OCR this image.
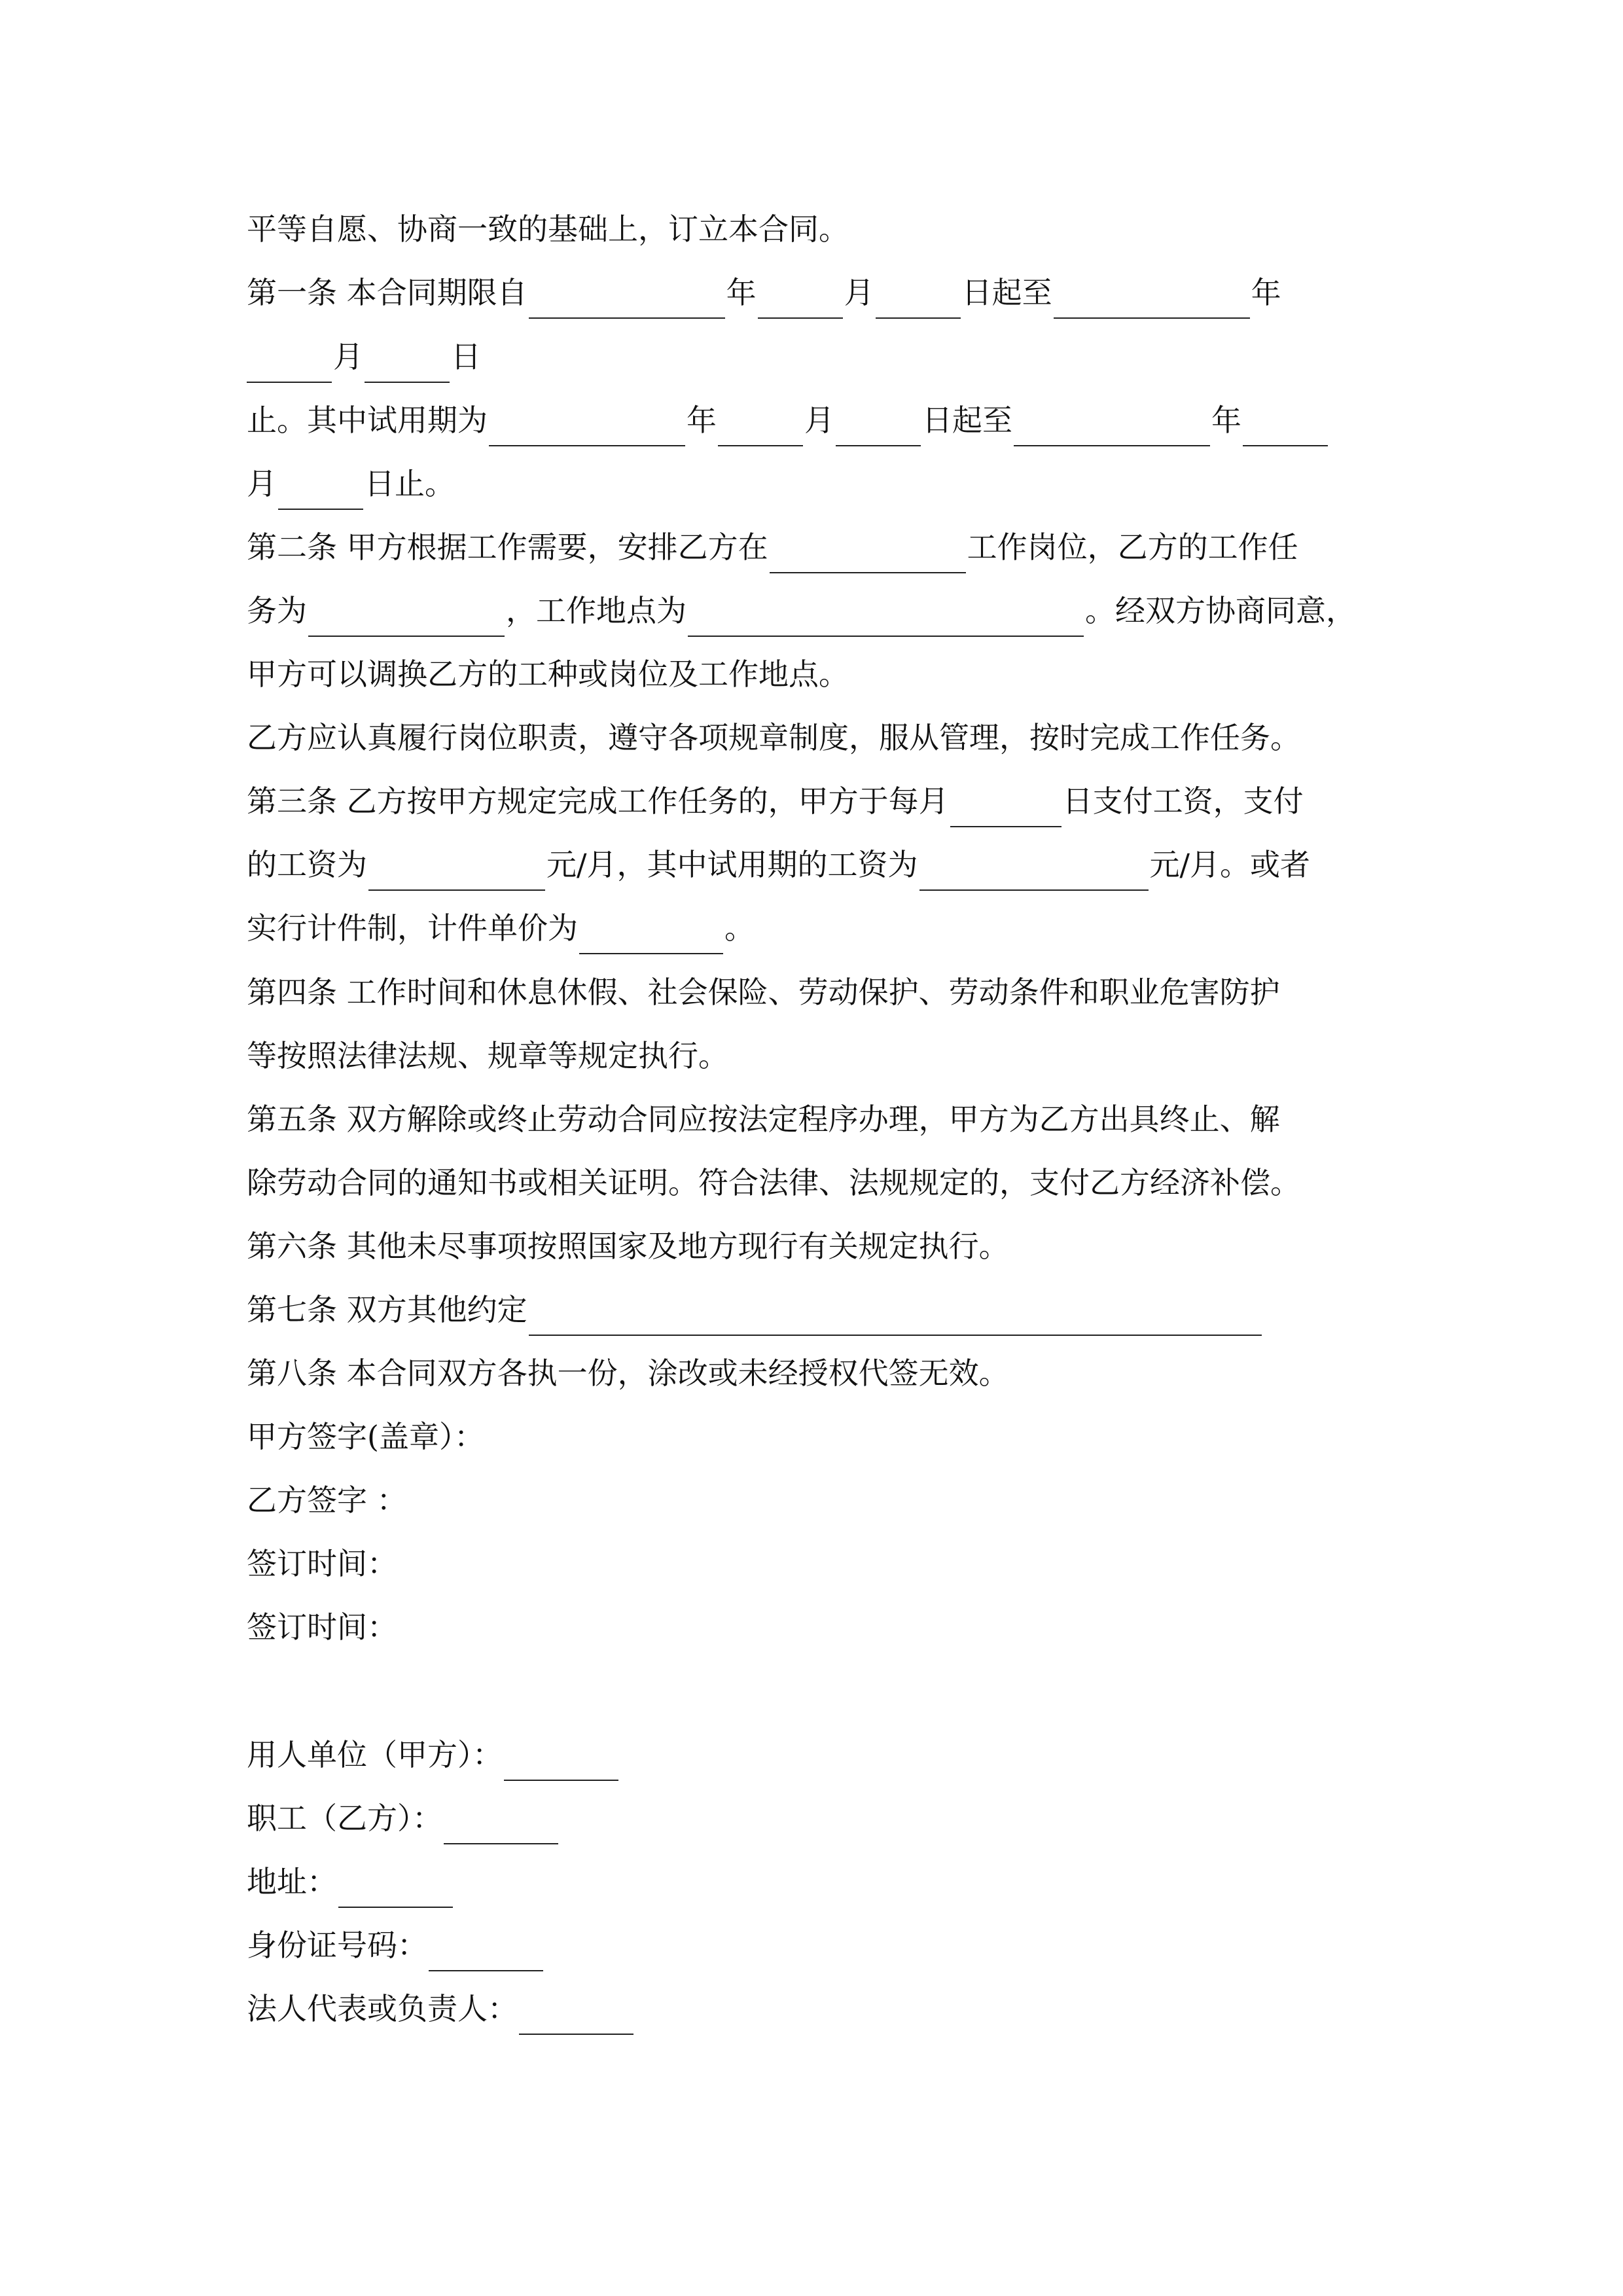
平等自愿、协商一致的基础上，订立本合同。
第一条 本合同期限自	年	月	日起至	年
月	日
止。其中试用期为	年	月	日起至	年
月	日止。
第二条 甲方根据工作需要，安排乙方在	工作岗位，乙方的工作任
务为	，工作地点为	。经双方协商同意，
甲方可以调换乙方的工种或岗位及工作地点。
乙方应认真履行岗位职责，遵守各项规章制度，服从管理，按时完成工作任务。
第三条 乙方按甲方规定完成工作任务的，甲方于每月	日支付工资，支付
的工资为	元/月，其中试用期的工资为	元/月。或者
实行计件制，计件单价为	。
第四条 工作时间和休息休假、社会保险、劳动保护、劳动条件和职业危害防护
等按照法律法规、规章等规定执行。
第五条 双方解除或终止劳动合同应按法定程序办理，甲方为乙方出具终止、解
除劳动合同的通知书或相关证明。符合法律、法规规定的，支付乙方经济补偿。
第六条 其他未尽事项按照国家及地方现行有关规定执行。
第七条 双方其他约定
第八条 本合同双方各执一份，涂改或未经授权代签无效。
甲方签字(盖章）：
乙方签字 ：
签订时间：
签订时间：
用人单位（甲方）：
职工（乙方）：
地址：
身份证号码：
法人代表或负责人：
